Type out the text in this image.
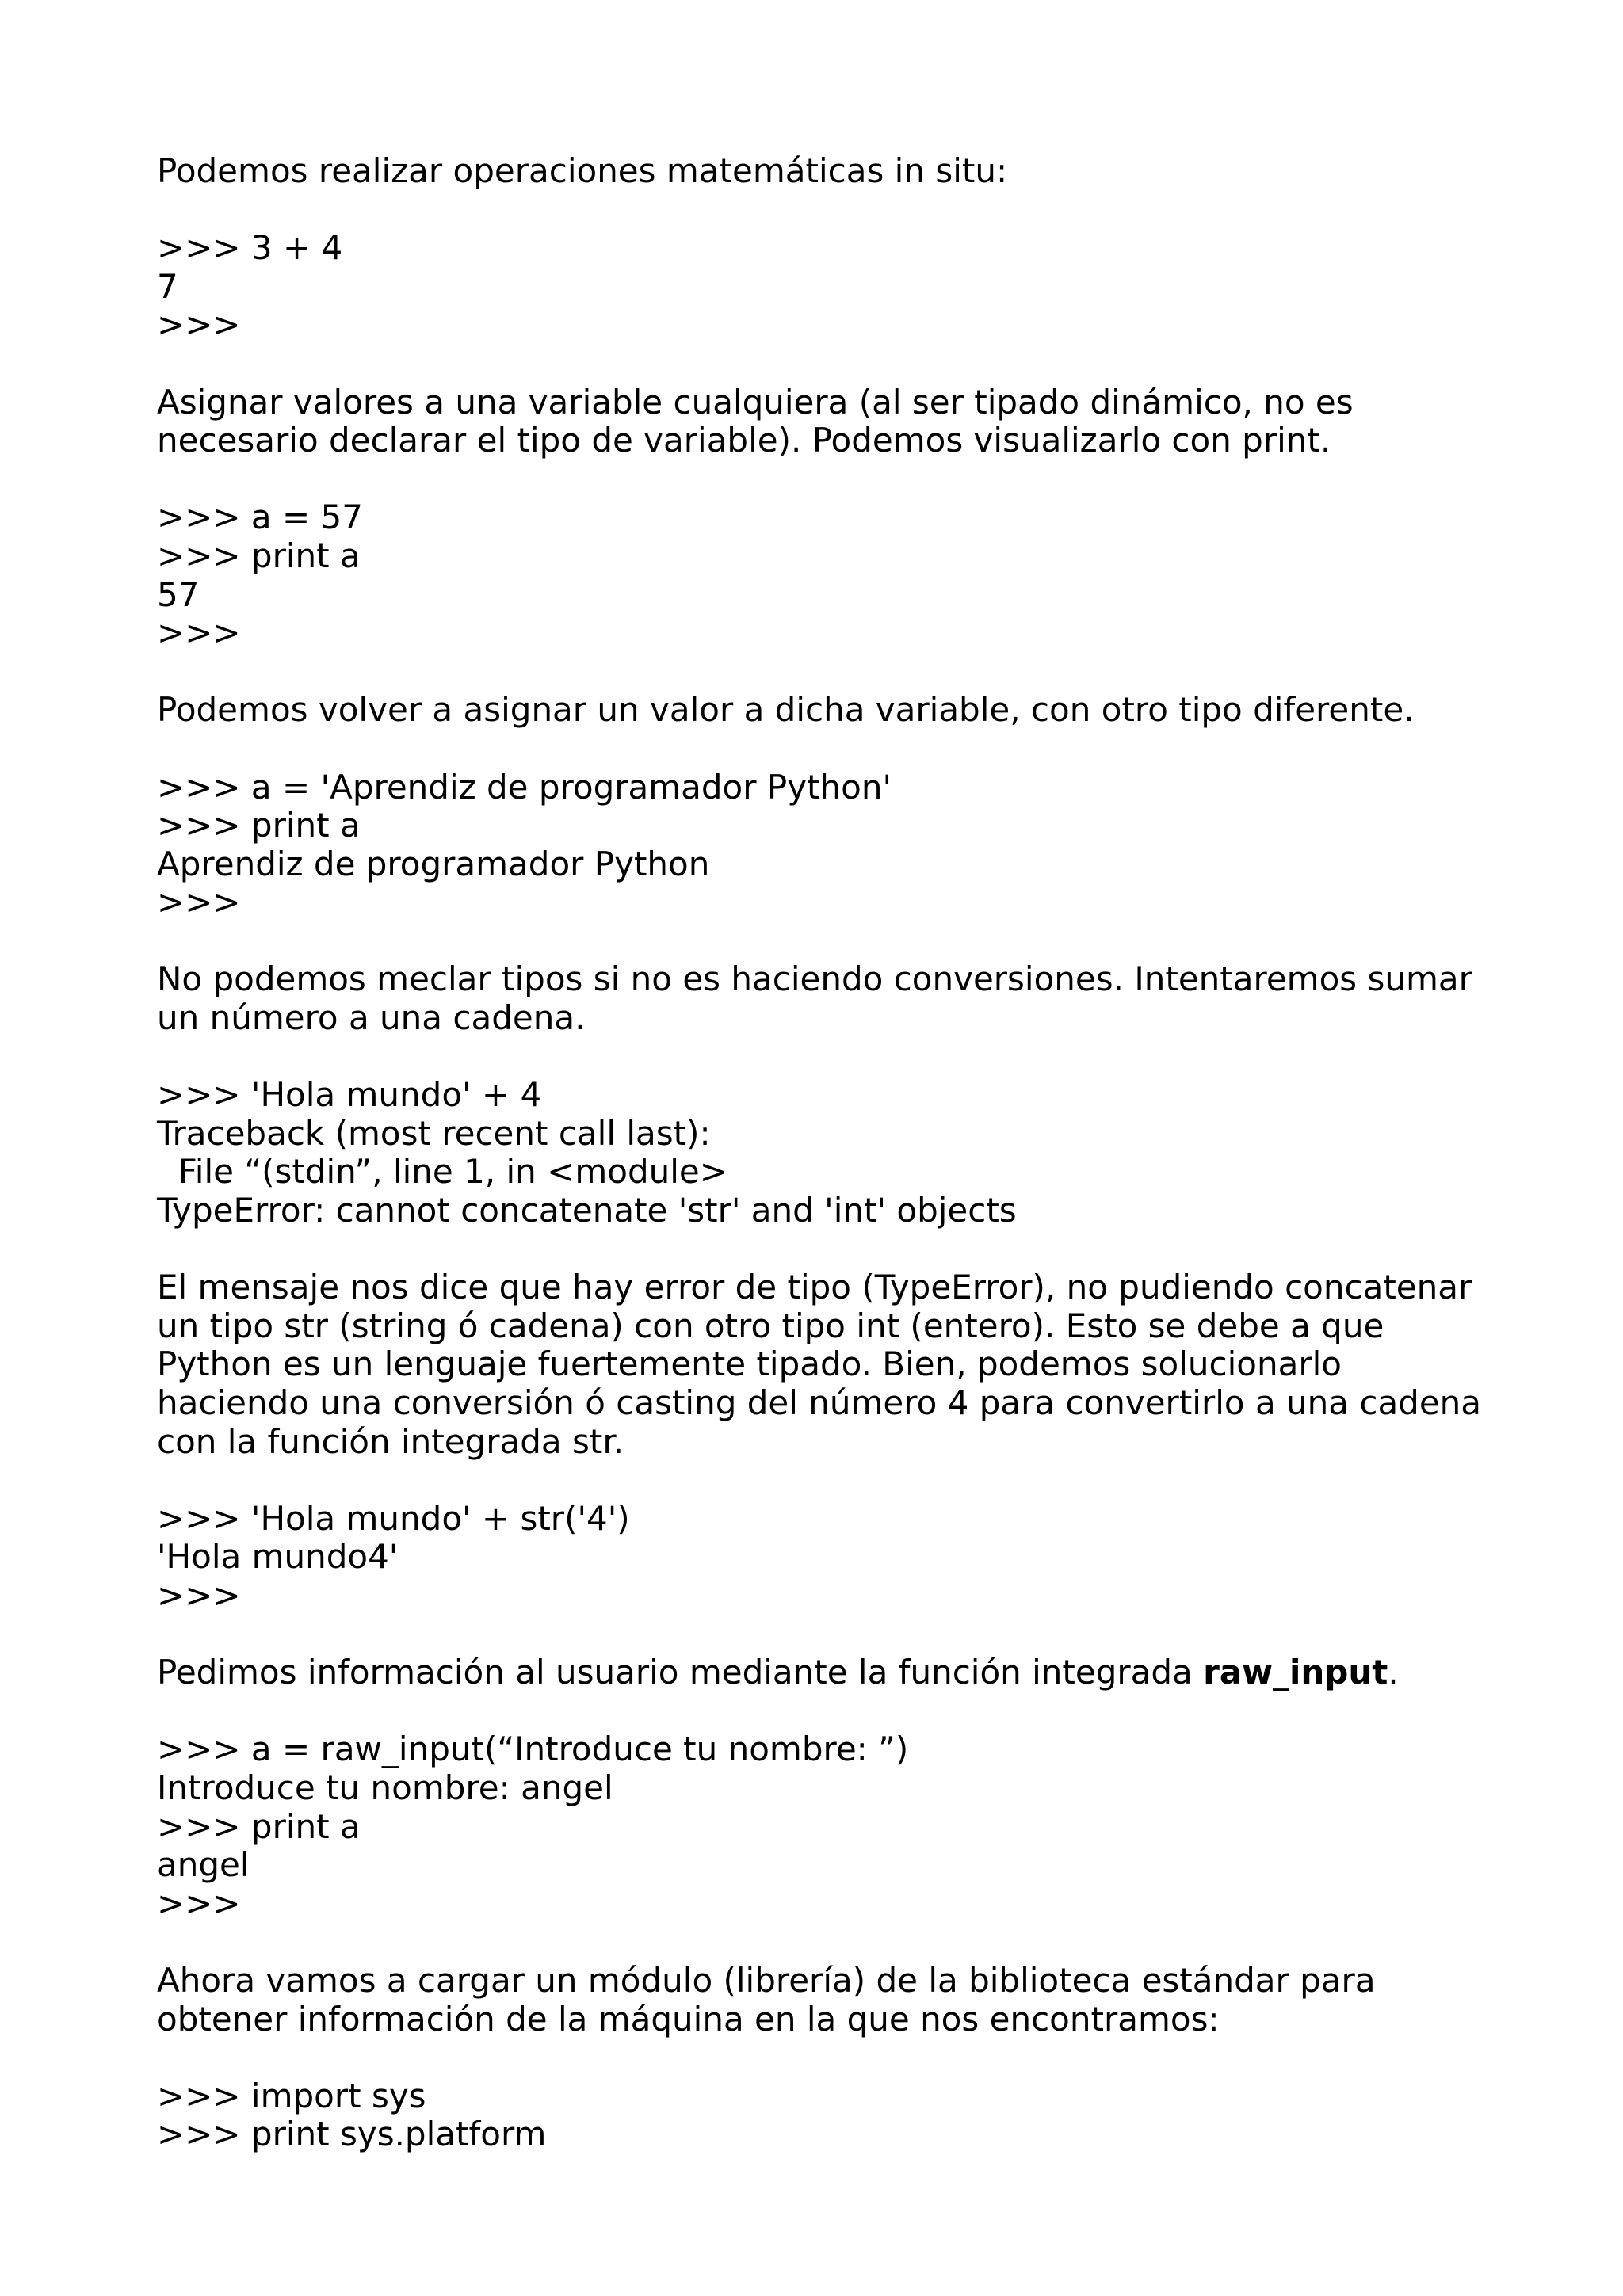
Podemos realizar operaciones matemáticas in situ:
>>> 3 + 4
7
>>>
Asignar valores a una variable cualquiera (al ser tipado dinámico, no es
necesario declarar el tipo de variable). Podemos visualizarlo con print.
>>> a = 57
>>> print a
57
>>>
Podemos volver a asignar un valor a dicha variable, con otro tipo diferente.
>>> a = 'Aprendiz de programador Python'
>>> print a
Aprendiz de programador Python
>>>
No podemos meclar tipos si no es haciendo conversiones. Intentaremos sumar
un número a una cadena.
>>> 'Hola mundo' + 4
Traceback (most recent call last):
File “(stdin”, line 1, in <module>
TypeError: cannot concatenate 'str' and 'int' objects
El mensaje nos dice que hay error de tipo (TypeError), no pudiendo concatenar
un tipo str (string ó cadena) con otro tipo int (entero). Esto se debe a que
Python es un lenguaje fuertemente tipado. Bien, podemos solucionarlo
haciendo una conversión ó casting del número 4 para convertirlo a una cadena
con la función integrada str.
>>> 'Hola mundo' + str('4')
'Hola mundo4'
>>>
Pedimos información al usuario mediante la función integrada raw_input.
>>> a = raw_input(“Introduce tu nombre: ”)
Introduce tu nombre: angel
>>> print a
angel
>>>
Ahora vamos a cargar un módulo (librería) de la biblioteca estándar para
obtener información de la máquina en la que nos encontramos:
>>> import sys
>>> print sys.platform
